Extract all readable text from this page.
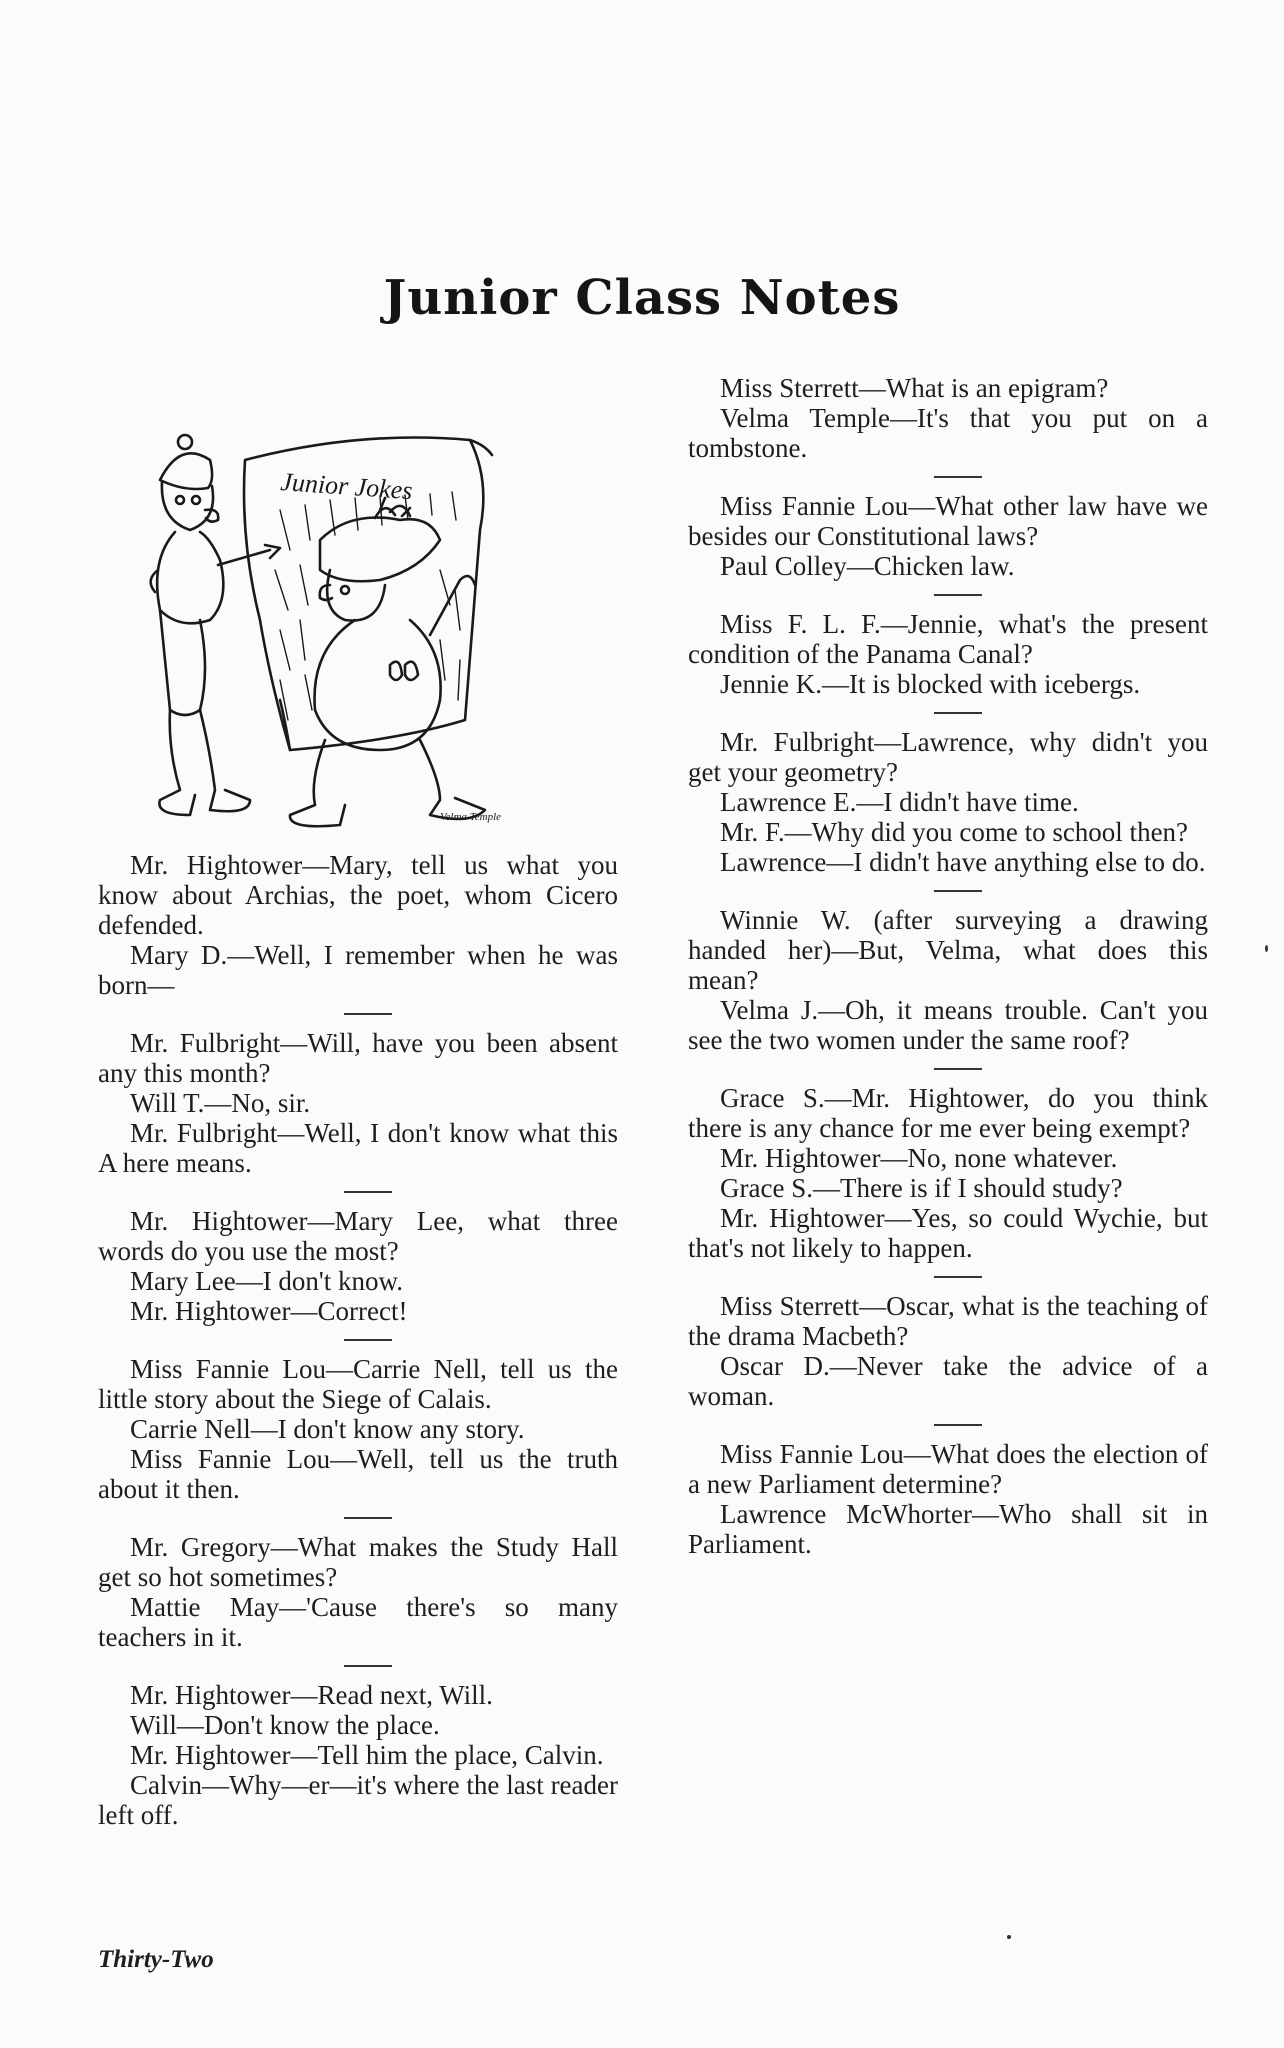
Junior Class Notes
Junior Jokes
Velma Temple

Mr. Hightower—Mary, tell us what you know about Archias, the poet, whom Cicero defended.

Mary D.—Well, I remember when he was born—

Mr. Fulbright—Will, have you been absent any this month?

Will T.—No, sir.

Mr. Fulbright—Well, I don't know what this A here means.

Mr. Hightower—Mary Lee, what three words do you use the most?

Mary Lee—I don't know.

Mr. Hightower—Correct!

Miss Fannie Lou—Carrie Nell, tell us the little story about the Siege of Calais.

Carrie Nell—I don't know any story.

Miss Fannie Lou—Well, tell us the truth about it then.

Mr. Gregory—What makes the Study Hall get so hot sometimes?

Mattie May—'Cause there's so many teachers in it.

Mr. Hightower—Read next, Will.

Will—Don't know the place.

Mr. Hightower—Tell him the place, Calvin.

Calvin—Why—er—it's where the last reader left off.

Miss Sterrett—What is an epigram?

Velma Temple—It's that you put on a tombstone.

Miss Fannie Lou—What other law have we besides our Constitutional laws?

Paul Colley—Chicken law.

Miss F. L. F.—Jennie, what's the present condition of the Panama Canal?

Jennie K.—It is blocked with icebergs.

Mr. Fulbright—Lawrence, why didn't you get your geometry?

Lawrence E.—I didn't have time.

Mr. F.—Why did you come to school then?

Lawrence—I didn't have anything else to do.

Winnie W. (after surveying a drawing handed her)—But, Velma, what does this mean?

Velma J.—Oh, it means trouble. Can't you see the two women under the same roof?

Grace S.—Mr. Hightower, do you think there is any chance for me ever being exempt?

Mr. Hightower—No, none whatever.

Grace S.—There is if I should study?

Mr. Hightower—Yes, so could Wychie, but that's not likely to happen.

Miss Sterrett—Oscar, what is the teaching of the drama Macbeth?

Oscar D.—Never take the advice of a woman.

Miss Fannie Lou—What does the election of a new Parliament determine?

Lawrence McWhorter—Who shall sit in Parliament.

Thirty-Two
